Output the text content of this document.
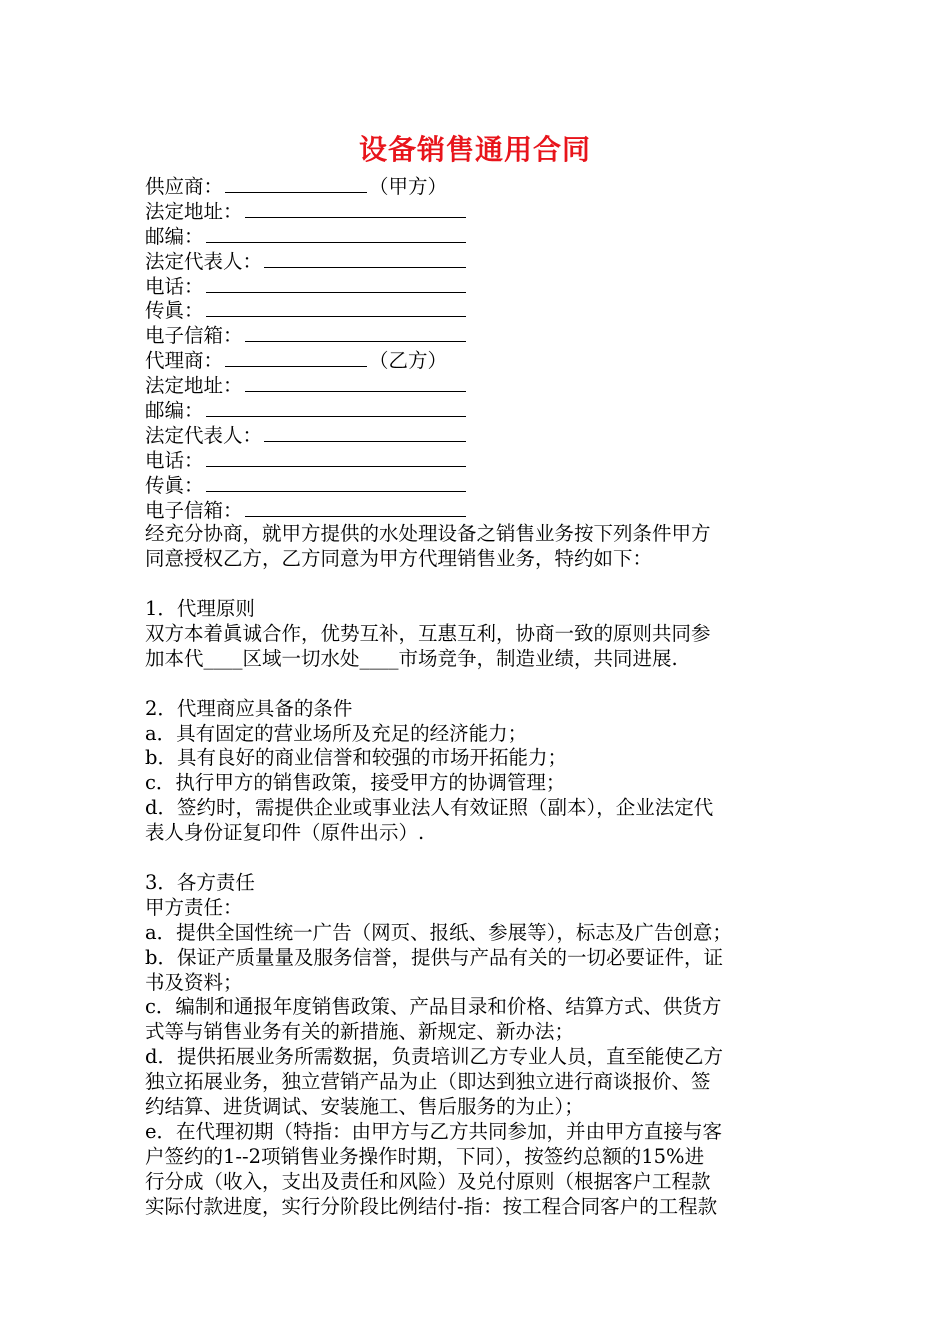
设备销售通用合同
供应商：	（甲方）
法定地址：
邮编：
法定代表人：
电话：
传眞：
电子信箱：
代理商：	（乙方）
法定地址：
邮编：
法定代表人：
电话：
传眞：
电子信箱：
经充分协商，就甲方提供的水处理设备之销售业务按下列条件甲方
同意授权乙方，乙方同意为甲方代理销售业务，特约如下：
1．代理原则
双方本着眞诚合作，优势互补，互惠互利，协商一致的原则共同参
加本代____区域一切水处____市场竞争，制造业绩，共同进展.
2．代理商应具备的条件
a．具有固定的营业场所及充足的经济能力；
b．具有良好的商业信誉和较强的市场开拓能力；
c．执行甲方的销售政策，接受甲方的协调管理；
d．签约时，需提供企业或事业法人有效证照（副本），企业法定代
表人身份证复印件（原件出示）.
3．各方责任
甲方责任：
a．提供全国性统一广告（网页、报纸、参展等），标志及广告创意；
b．保证产质量量及服务信誉，提供与产品有关的一切必要证件，证
书及资料；
c．编制和通报年度销售政策、产品目录和价格、结算方式、供货方
式等与销售业务有关的新措施、新规定、新办法；
d．提供拓展业务所需数据，负责培训乙方专业人员，直至能使乙方
独立拓展业务，独立营销产品为止（即达到独立进行商谈报价、签
约结算、进货调试、安装施工、售后服务的为止）；
e．在代理初期（特指：由甲方与乙方共同参加，并由甲方直接与客
户签约的1--2项销售业务操作时期，下同），按签约总额的15%进
行分成（收入，支出及责任和风险）及兑付原则（根据客户工程款
实际付款进度，实行分阶段比例结付-指：按工程合同客户的工程款
